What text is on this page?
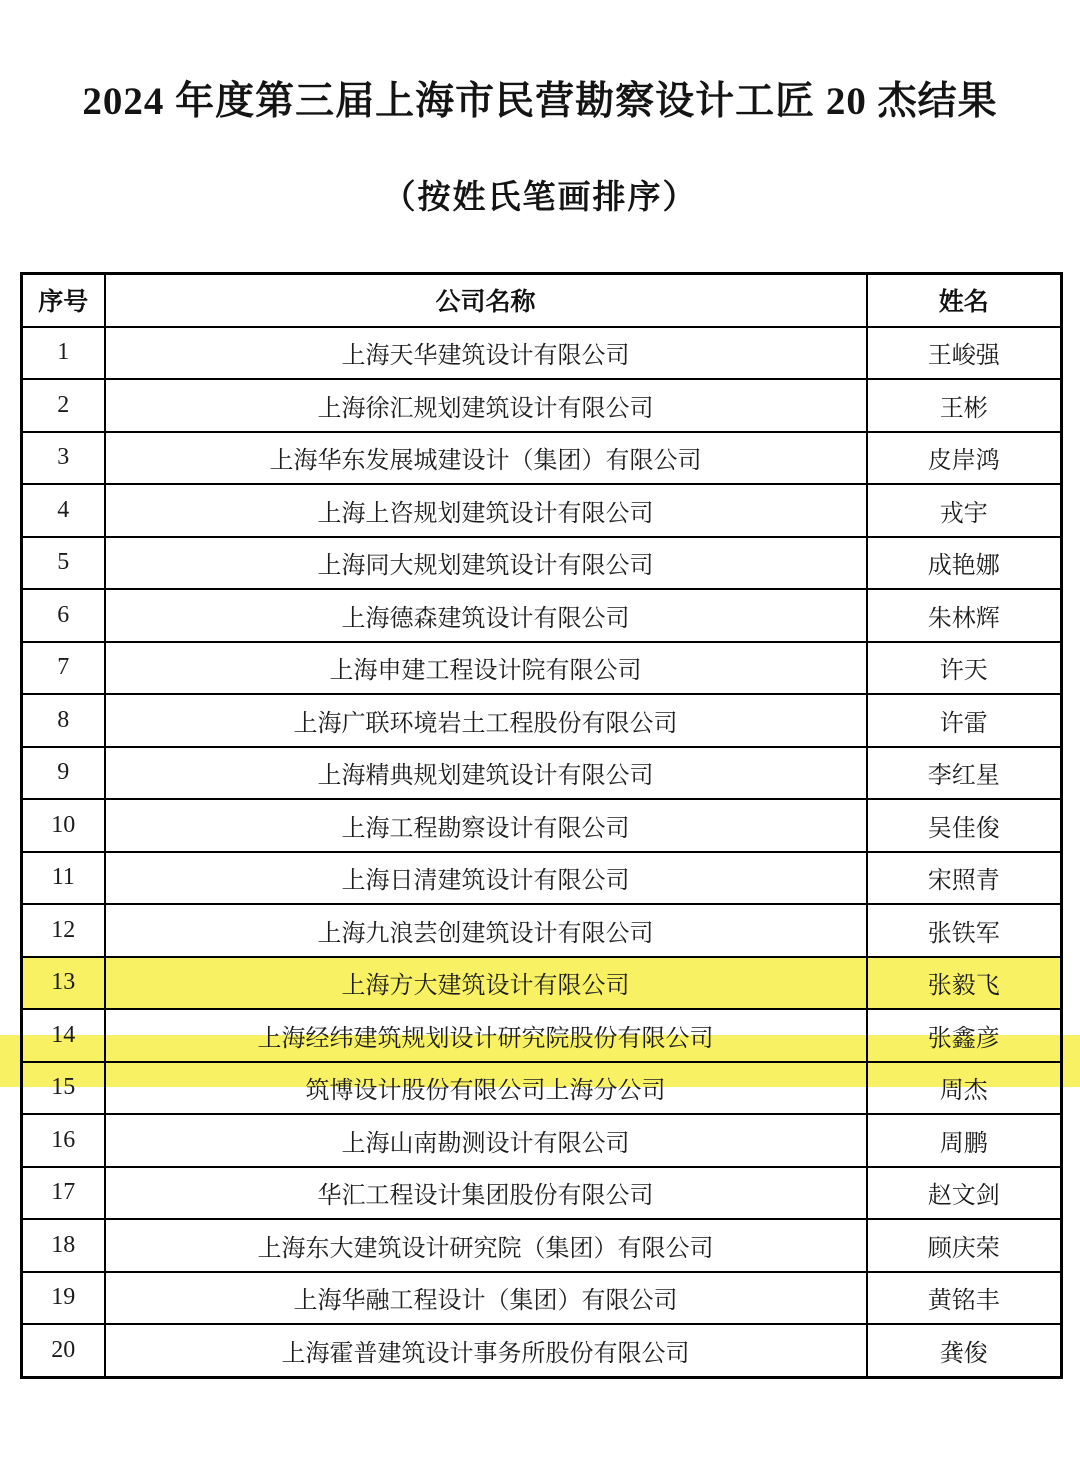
2024 年度第三届上海市民营勘察设计工匠 20 杰结果
（按姓氏笔画排序）
序号	公司名称	姓名
1	上海天华建筑设计有限公司	王峻强
2	上海徐汇规划建筑设计有限公司	王彬
3	上海华东发展城建设计（集团）有限公司	皮岸鸿
4	上海上咨规划建筑设计有限公司	戎宇
5	上海同大规划建筑设计有限公司	成艳娜
6	上海德森建筑设计有限公司	朱林辉
7	上海申建工程设计院有限公司	许天
8	上海广联环境岩土工程股份有限公司	许雷
9	上海精典规划建筑设计有限公司	李红星
10	上海工程勘察设计有限公司	吴佳俊
11	上海日清建筑设计有限公司	宋照青
12	上海九浪芸创建筑设计有限公司	张铁军
13	上海方大建筑设计有限公司	张毅飞
14	上海经纬建筑规划设计研究院股份有限公司	张鑫彦
15	筑博设计股份有限公司上海分公司	周杰
16	上海山南勘测设计有限公司	周鹏
17	华汇工程设计集团股份有限公司	赵文剑
18	上海东大建筑设计研究院（集团）有限公司	顾庆荣
19	上海华融工程设计（集团）有限公司	黄铭丰
20	上海霍普建筑设计事务所股份有限公司	龚俊
